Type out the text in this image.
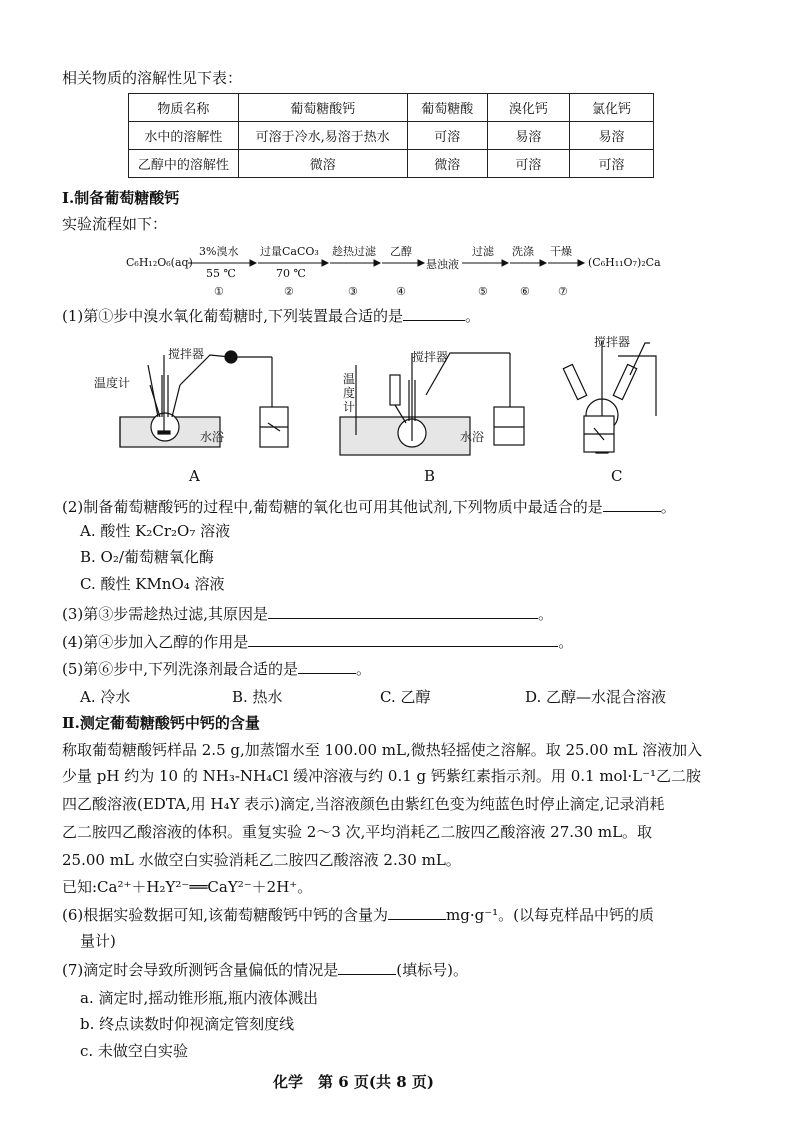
相关物质的溶解性见下表：
物质名称	葡萄糖酸钙	葡萄糖酸	溴化钙	氯化钙
水中的溶解性	可溶于冷水,易溶于热水	可溶	易溶	易溶
乙醇中的溶解性	微溶	微溶	可溶	可溶
Ⅰ.制备葡萄糖酸钙
实验流程如下：
C₆H₁₂O₆(aq)
3%溴水
55 ℃
①
过量CaCO₃
70 ℃
②
趁热过滤
③
乙醇
④
悬浊液
过滤
⑤
洗涤
⑥
干燥
⑦
(C₆H₁₁O₇)₂Ca
(1)第①步中溴水氧化葡萄糖时,下列装置最合适的是	。
搅拌器
温度计
水浴
搅拌器
温度计
水浴
搅拌器
A	B	C
(2)制备葡萄糖酸钙的过程中,葡萄糖的氧化也可用其他试剂,下列物质中最适合的是	。
A. 酸性 K₂Cr₂O₇ 溶液
B. O₂/葡萄糖氧化酶
C. 酸性 KMnO₄ 溶液
(3)第③步需趁热过滤,其原因是	。
(4)第④步加入乙醇的作用是	。
(5)第⑥步中,下列洗涤剂最合适的是	。
A. 冷水	B. 热水	C. 乙醇	D. 乙醇—水混合溶液
Ⅱ.测定葡萄糖酸钙中钙的含量
称取葡萄糖酸钙样品 2.5 g,加蒸馏水至 100.00 mL,微热轻摇使之溶解。取 25.00 mL 溶液加入
少量 pH 约为 10 的 NH₃-NH₄Cl 缓冲溶液与约 0.1 g 钙紫红素指示剂。用 0.1 mol·L⁻¹乙二胺
四乙酸溶液(EDTA,用 H₄Y 表示)滴定,当溶液颜色由紫红色变为纯蓝色时停止滴定,记录消耗
乙二胺四乙酸溶液的体积。重复实验 2～3 次,平均消耗乙二胺四乙酸溶液 27.30 mL。取
25.00 mL 水做空白实验消耗乙二胺四乙酸溶液 2.30 mL。
已知:Ca²⁺＋H₂Y²⁻══CaY²⁻＋2H⁺。
(6)根据实验数据可知,该葡萄糖酸钙中钙的含量为	mg·g⁻¹。(以每克样品中钙的质
量计)
(7)滴定时会导致所测钙含量偏低的情况是	(填标号)。
a. 滴定时,摇动锥形瓶,瓶内液体溅出
b. 终点读数时仰视滴定管刻度线
c. 未做空白实验
化学　第 6 页(共 8 页)
